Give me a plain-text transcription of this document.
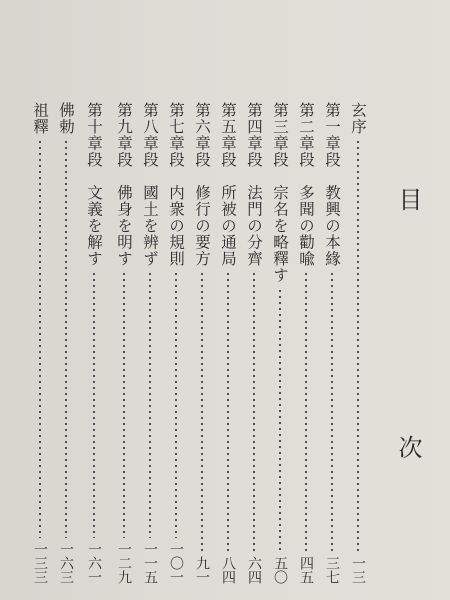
目
次
玄序
一三
第一章段　教興の本緣
三七
第二章段　多聞の勸喩
四五
第三章段　宗名を略釋す
五〇
第四章段　法門の分齊
六四
第五章段　所被の通局
八四
第六章段　修行の要方
九一
第七章段　内衆の規則
一〇一
第八章段　國土を辨ず
一一五
第九章段　佛身を明す
一二九
第十章段　文義を解す
一六一
佛勅
一六三
祖釋
一三三
